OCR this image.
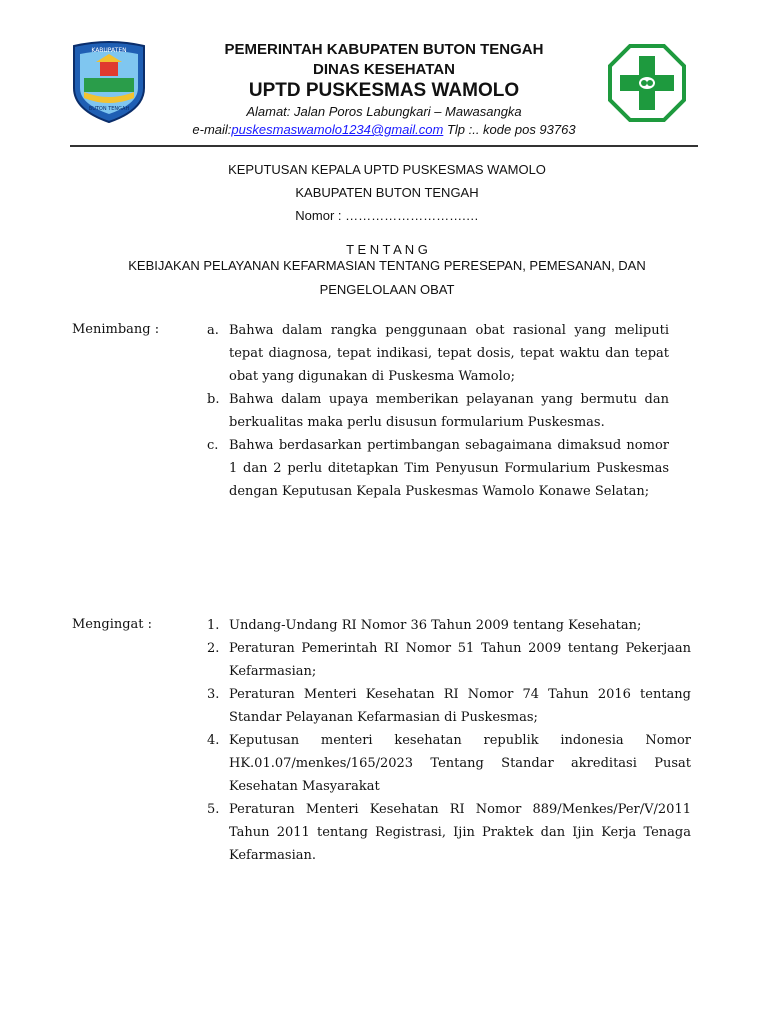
KABUPATEN
BUTON TENGAH
PEMERINTAH KABUPATEN BUTON TENGAH
DINAS KESEHATAN
UPTD PUSKESMAS WAMOLO
Alamat: Jalan Poros Labungkari – Mawasangka
e-mail:puskesmaswamolo1234@gmail.com Tlp :.. kode pos 93763
KEPUTUSAN KEPALA UPTD PUSKESMAS WAMOLO
KABUPATEN BUTON TENGAH
Nomor : ……………………….…
T E N T A N G
KEBIJAKAN PELAYANAN KEFARMASIAN TENTANG PERESEPAN, PEMESANAN, DAN
PENGELOLAAN OBAT
Menimbang :	a. Bahwa dalam rangka penggunaan obat rasional yang meliputi tepat diagnosa, tepat indikasi, tepat dosis, tepat waktu dan tepat obat yang digunakan di Puskesma Wamolo;
b. Bahwa dalam upaya memberikan pelayanan yang bermutu dan berkualitas maka perlu disusun formularium Puskesmas.
c. Bahwa berdasarkan pertimbangan sebagaimana dimaksud nomor 1 dan 2 perlu ditetapkan Tim Penyusun Formularium Puskesmas dengan Keputusan Kepala Puskesmas Wamolo Konawe Selatan;
Mengingat :	1. Undang-Undang RI Nomor 36 Tahun 2009 tentang Kesehatan;
2. Peraturan Pemerintah RI Nomor 51 Tahun 2009 tentang Pekerjaan Kefarmasian;
3. Peraturan Menteri Kesehatan RI Nomor 74 Tahun 2016 tentang Standar Pelayanan Kefarmasian di Puskesmas;
4. Keputusan menteri kesehatan republik indonesia Nomor HK.01.07/menkes/165/2023 Tentang Standar akreditasi Pusat Kesehatan Masyarakat
5. Peraturan Menteri Kesehatan RI Nomor 889/Menkes/Per/V/2011 Tahun 2011 tentang Registrasi, Ijin Praktek dan Ijin Kerja Tenaga Kefarmasian.
